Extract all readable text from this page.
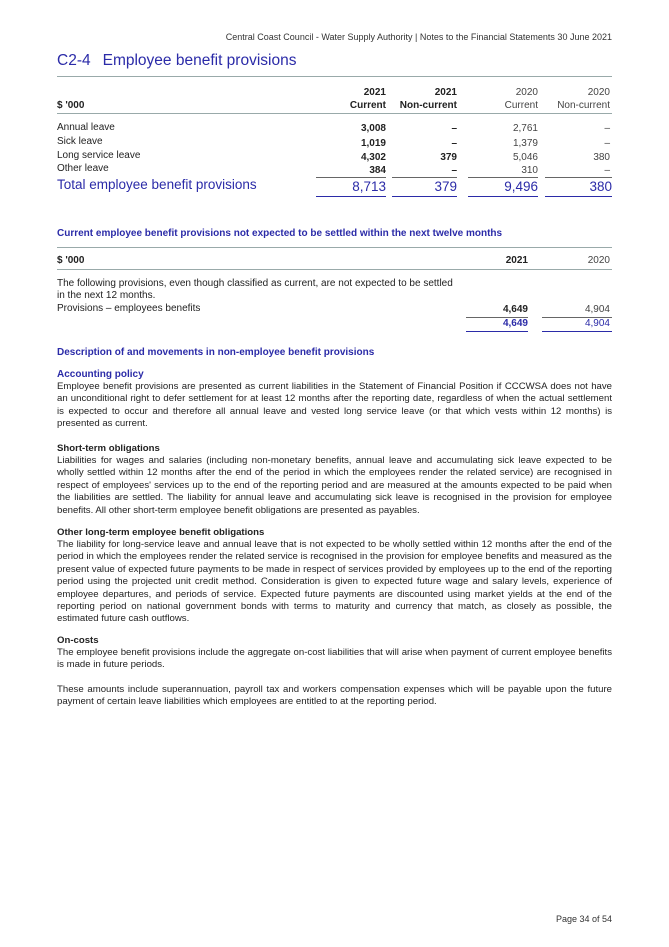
Central Coast Council - Water Supply Authority | Notes to the Financial Statements 30 June 2021
C2-4 Employee benefit provisions
2021	2021	2020	2020
$ '000	Current	Non-current	Current	Non-current
Annual leave	3,008	–	2,761	–
Sick leave	1,019	–	1,379	–
Long service leave	4,302	379	5,046	380
Other leave	384	–	310	–
Total employee benefit provisions	8,713	379	9,496	380
Current employee benefit provisions not expected to be settled within the next twelve months
$ '000	2021	2020
The following provisions, even though classified as current, are not expected to be settled
in the next 12 months.
Provisions – employees benefits	4,649	4,904
4,649	4,904
Description of and movements in non-employee benefit provisions
Accounting policy
Employee benefit provisions are presented as current liabilities in the Statement of Financial Position if CCCWSA does not have an unconditional right to defer settlement for at least 12 months after the reporting date, regardless of when the actual settlement is expected to occur and therefore all annual leave and vested long service leave (or that which vests within 12 months) is presented as current.
Short-term obligations
Liabilities for wages and salaries (including non-monetary benefits, annual leave and accumulating sick leave expected to be wholly settled within 12 months after the end of the period in which the employees render the related service) are recognised in respect of employees' services up to the end of the reporting period and are measured at the amounts expected to be paid when the liabilities are settled. The liability for annual leave and accumulating sick leave is recognised in the provision for employee benefits. All other short-term employee benefit obligations are presented as payables.
Other long-term employee benefit obligations
The liability for long-service leave and annual leave that is not expected to be wholly settled within 12 months after the end of the period in which the employees render the related service is recognised in the provision for employee benefits and measured as the present value of expected future payments to be made in respect of services provided by employees up to the end of the reporting period using the projected unit credit method. Consideration is given to expected future wage and salary levels, experience of employee departures, and periods of service. Expected future payments are discounted using market yields at the end of the reporting period on national government bonds with terms to maturity and currency that match, as closely as possible, the estimated future cash outflows.
On-costs
The employee benefit provisions include the aggregate on-cost liabilities that will arise when payment of current employee benefits is made in future periods.
These amounts include superannuation, payroll tax and workers compensation expenses which will be payable upon the future payment of certain leave liabilities which employees are entitled to at the reporting period.
Page 34 of 54
